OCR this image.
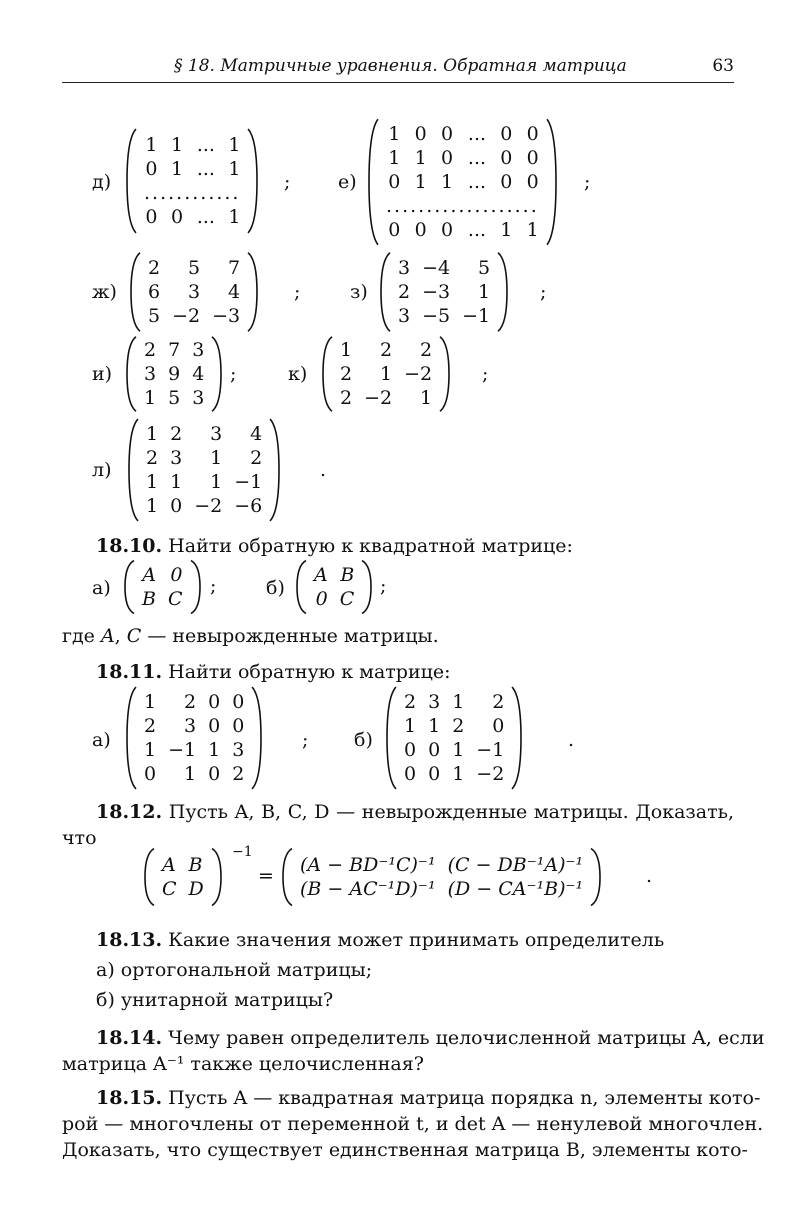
§ 18. Матричные уравнения. Обратная матрица	63
д)
1	1	...	1
0	1	...	1
............			
0	0	...	1
;	е)
1	0	0	...	0	0
1	1	0	...	0	0
0	1	1	...	0	0
...................					
0	0	0	...	1	1
;
ж)
2	5	7
6	3	4
5	−2	−3
;	з)
3	−4	5
2	−3	1
3	−5	−1
;
и)
2	7	3
3	9	4
1	5	3
;	к)
1	2	2
2	1	−2
2	−2	1
;
л)
1	2	3	4
2	3	1	2
1	1	1	−1
1	0	−2	−6
.
18.10. Найти обратную к квадратной матрице:
а)
A	0
B	C
;	б)
A	B
0	C
;
где A, C — невырожденные матрицы.
18.11. Найти обратную к матрице:
а)
1	2	0	0
2	3	0	0
1	−1	1	3
0	1	0	2
; б)
2	3	1	2
1	1	2	0
0	0	1	−1
0	0	1	−2
.
18.12. Пусть A, B, C, D — невырожденные матрицы. Доказать,
что
A	B
C	D
−1
= (A − BD⁻¹C)⁻¹	(C − DB⁻¹A)⁻¹
(B − AC⁻¹D)⁻¹	(D − CA⁻¹B)⁻¹
.
18.13. Какие значения может принимать определитель
а) ортогональной матрицы;
б) унитарной матрицы?
18.14. Чему равен определитель целочисленной матрицы A, если
матрица A⁻¹ также целочисленная?
18.15. Пусть A — квадратная матрица порядка n, элементы кото-
рой — многочлены от переменной t, и det A — ненулевой многочлен.
Доказать, что существует единственная матрица B, элементы кото-
